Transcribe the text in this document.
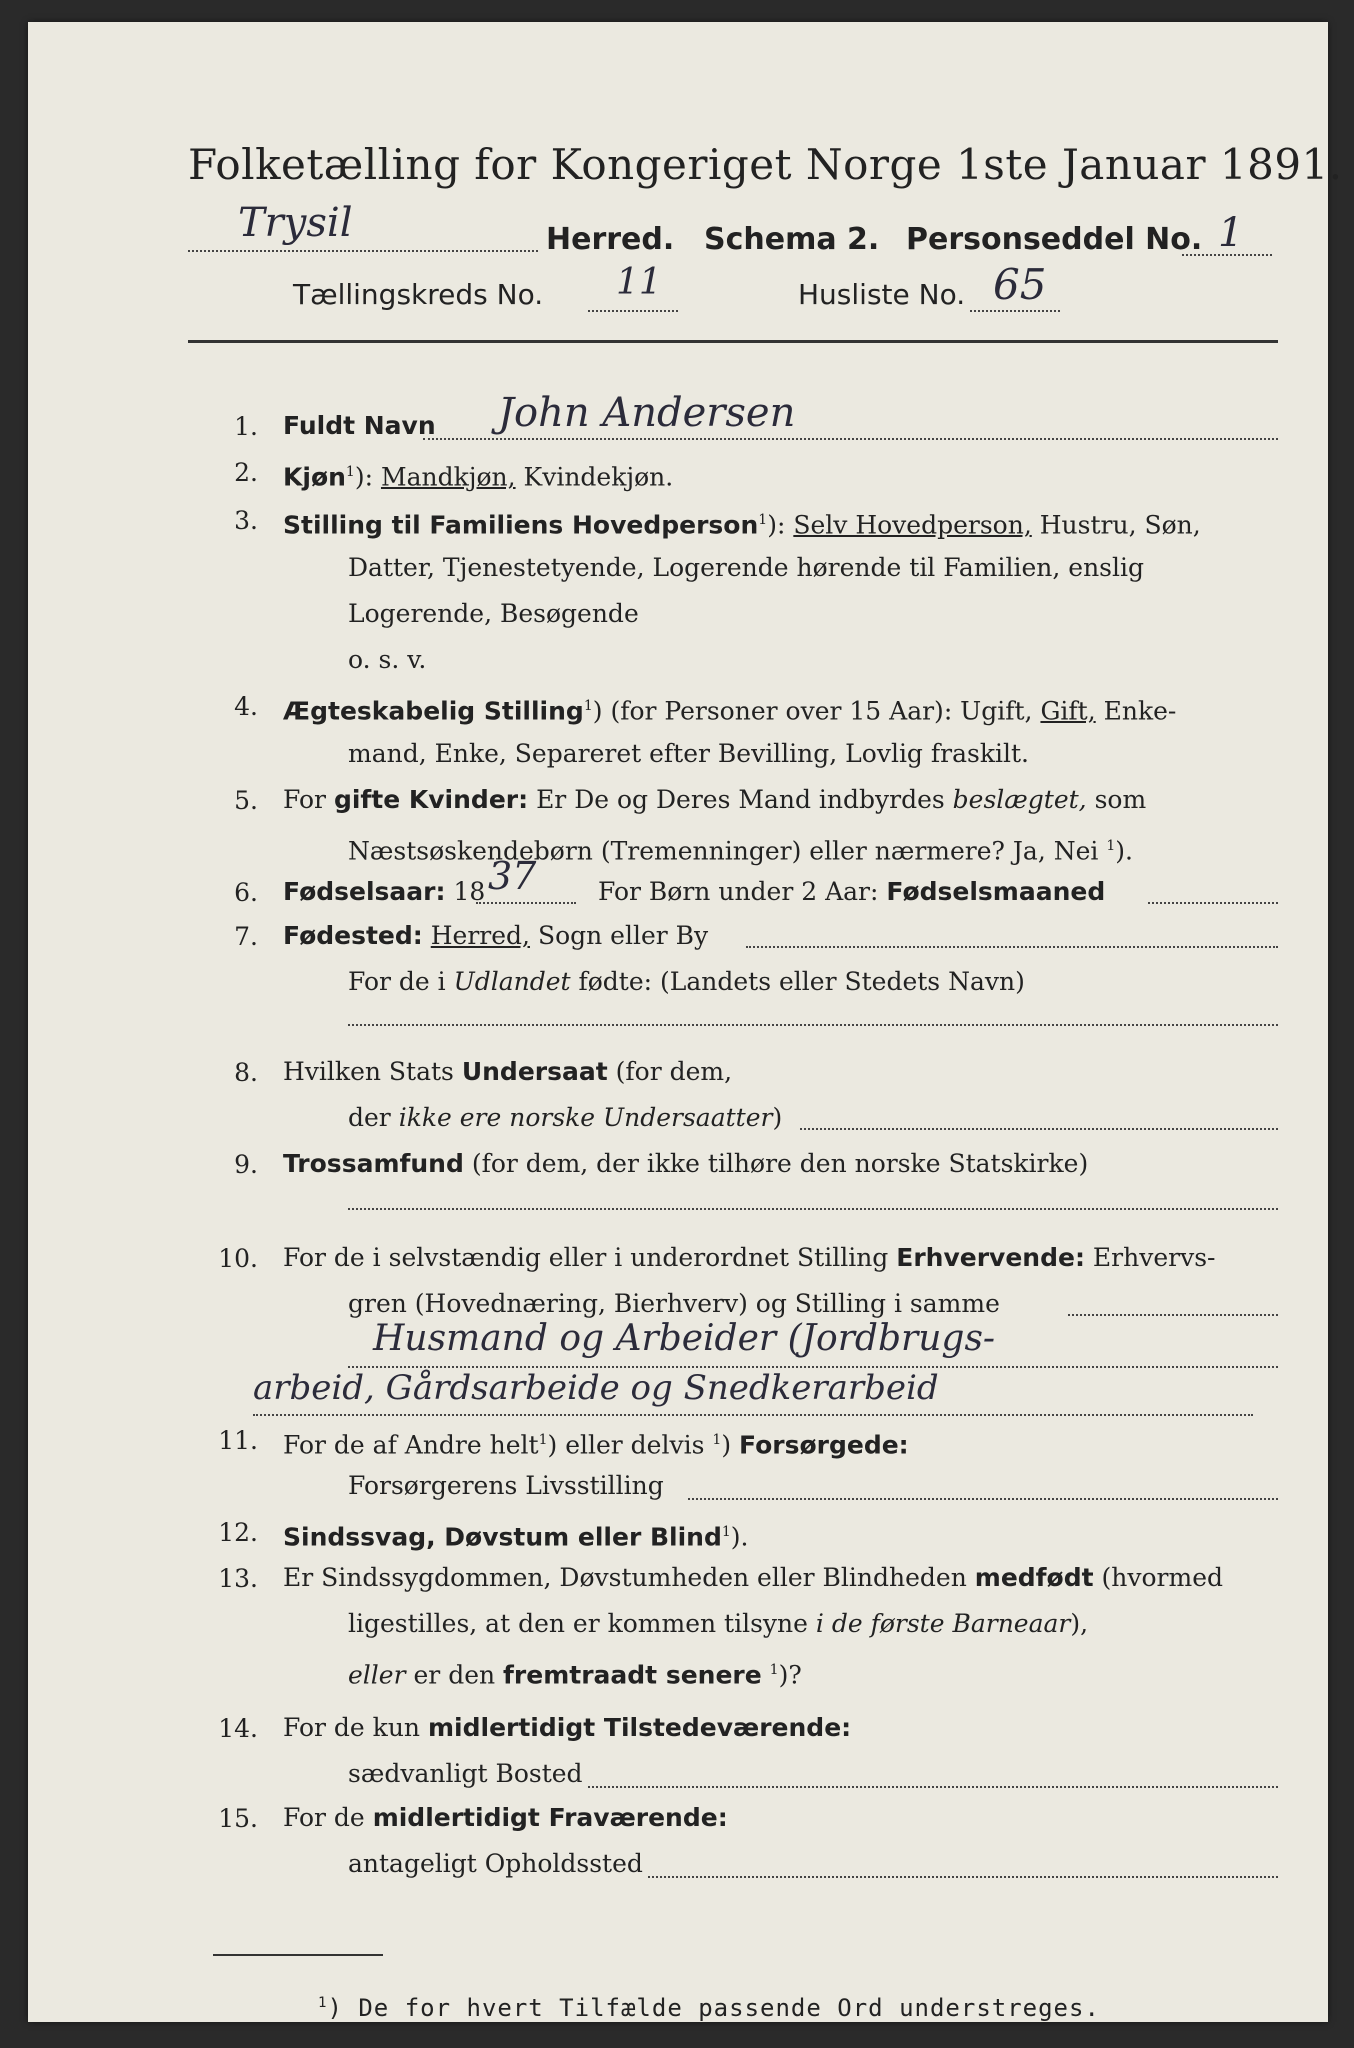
Folketælling for Kongeriget Norge 1ste Januar 1891.
Trysil	Herred. Schema 2. Personseddel No. 1
Tællingskreds No. 11	Husliste No. 65
1. Fuldt Navn John Andersen
2. Kjøn$^1$): Mandkjøn, Kvindekjøn.
3. Stilling til Familiens Hovedperson$^1$): Selv Hovedperson, Hustru, Søn,
Datter, Tjenestetyende, Logerende hørende til Familien, enslig
Logerende, Besøgende
o. s. v.
4. Ægteskabelig Stilling$^1$) (for Personer over 15 Aar): Ugift, Gift, Enke-
mand, Enke, Separeret efter Bevilling, Lovlig fraskilt.
5. For gifte Kvinder: Er De og Deres Mand indbyrdes beslægtet, som
Næstsøskendebørn (Tremenninger) eller nærmere? Ja, Nei $^1$).
6. Fødselsaar: 18 37 For Børn under 2 Aar: Fødselsmaaned
7. Fødested: Herred, Sogn eller By
For de i Udlandet fødte: (Landets eller Stedets Navn)
8. Hvilken Stats Undersaat (for dem,
der ikke ere norske Undersaatter)
9. Trossamfund (for dem, der ikke tilhøre den norske Statskirke)
10. For de i selvstændig eller i underordnet Stilling Erhvervende: Erhvervs-
gren (Hovednæring, Bierhverv) og Stilling i samme
Husmand og Arbeider (Jordbrugs-
arbeid, Gårdsarbeide og Snedkerarbeid
11. For de af Andre helt$^1$) eller delvis $^1$) Forsørgede:
Forsørgerens Livsstilling
12. Sindssvag, Døvstum eller Blind$^1$).
13. Er Sindssygdommen, Døvstumheden eller Blindheden medfødt (hvormed
ligestilles, at den er kommen tilsyne i de første Barneaar),
eller er den fremtraadt senere $^1$)?
14. For de kun midlertidigt Tilstedeværende:
sædvanligt Bosted
15. For de midlertidigt Fraværende:
antageligt Opholdssted
$^1$) De for hvert Tilfælde passende Ord understreges.
